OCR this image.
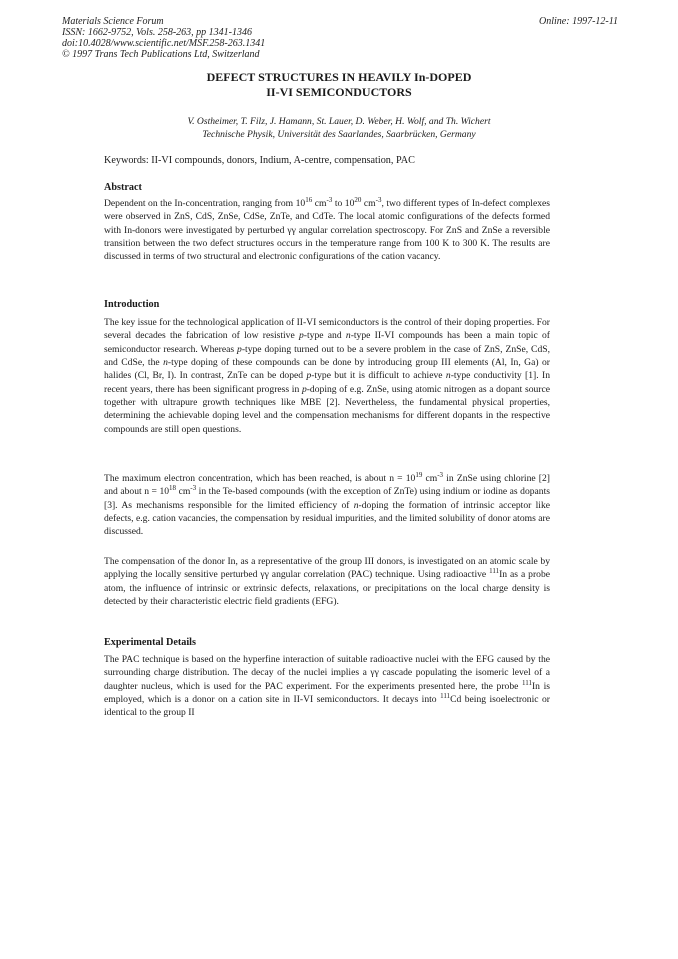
Materials Science Forum
ISSN: 1662-9752, Vols. 258-263, pp 1341-1346
doi:10.4028/www.scientific.net/MSF.258-263.1341
© 1997 Trans Tech Publications Ltd, Switzerland
Online: 1997-12-11
DEFECT STRUCTURES IN HEAVILY In-DOPED
II-VI SEMICONDUCTORS
V. Ostheimer, T. Filz, J. Hamann, St. Lauer, D. Weber, H. Wolf, and Th. Wichert
Technische Physik, Universität des Saarlandes, Saarbrücken, Germany
Keywords: II-VI compounds, donors, Indium, A-centre, compensation, PAC
Abstract

Dependent on the In-concentration, ranging from $10^{16}$ $cm^{-3}$ to $10^{20}$ $cm^{-3}$, two different types of In-defect complexes were observed in ZnS, CdS, ZnSe, CdSe, ZnTe, and CdTe. The local atomic configurations of the defects formed with In-donors were investigated by perturbed γγ angular correlation spectroscopy. For ZnS and ZnSe a reversible transition between the two defect structures occurs in the temperature range from 100 K to 300 K. The results are discussed in terms of two structural and electronic configurations of the cation vacancy.

Introduction

The key issue for the technological application of II-VI semiconductors is the control of their doping properties. For several decades the fabrication of low resistive p-type and n-type II-VI compounds has been a main topic of semiconductor research. Whereas p-type doping turned out to be a severe problem in the case of ZnS, ZnSe, CdS, and CdSe, the n-type doping of these compounds can be done by introducing group III elements (Al, In, Ga) or halides (Cl, Br, I). In contrast, ZnTe can be doped p-type but it is difficult to achieve n-type conductivity [1]. In recent years, there has been significant progress in p-doping of e.g. ZnSe, using atomic nitrogen as a dopant source together with ultrapure growth techniques like MBE [2]. Nevertheless, the fundamental physical properties, determining the achievable doping level and the compensation mechanisms for different dopants in the respective compounds are still open questions.

The maximum electron concentration, which has been reached, is about $n = 10^{19}$ $cm^{-3}$ in ZnSe using chlorine [2] and about $n = 10^{18}$ $cm^{-3}$ in the Te-based compounds (with the exception of ZnTe) using indium or iodine as dopants [3]. As mechanisms responsible for the limited efficiency of n-doping the formation of intrinsic acceptor like defects, e.g. cation vacancies, the compensation by residual impurities, and the limited solubility of donor atoms are discussed.

The compensation of the donor In, as a representative of the group III donors, is investigated on an atomic scale by applying the locally sensitive perturbed γγ angular correlation (PAC) technique. Using radioactive $^{111}$In as a probe atom, the influence of intrinsic or extrinsic defects, relaxations, or precipitations on the local charge density is detected by their characteristic electric field gradients (EFG).

Experimental Details

The PAC technique is based on the hyperfine interaction of suitable radioactive nuclei with the EFG caused by the surrounding charge distribution. The decay of the nuclei implies a γγ cascade populating the isomeric level of a daughter nucleus, which is used for the PAC experiment. For the experiments presented here, the probe $^{111}$In is employed, which is a donor on a cation site in II-VI semiconductors. It decays into $^{111}$Cd being isoelectronic or identical to the group II
